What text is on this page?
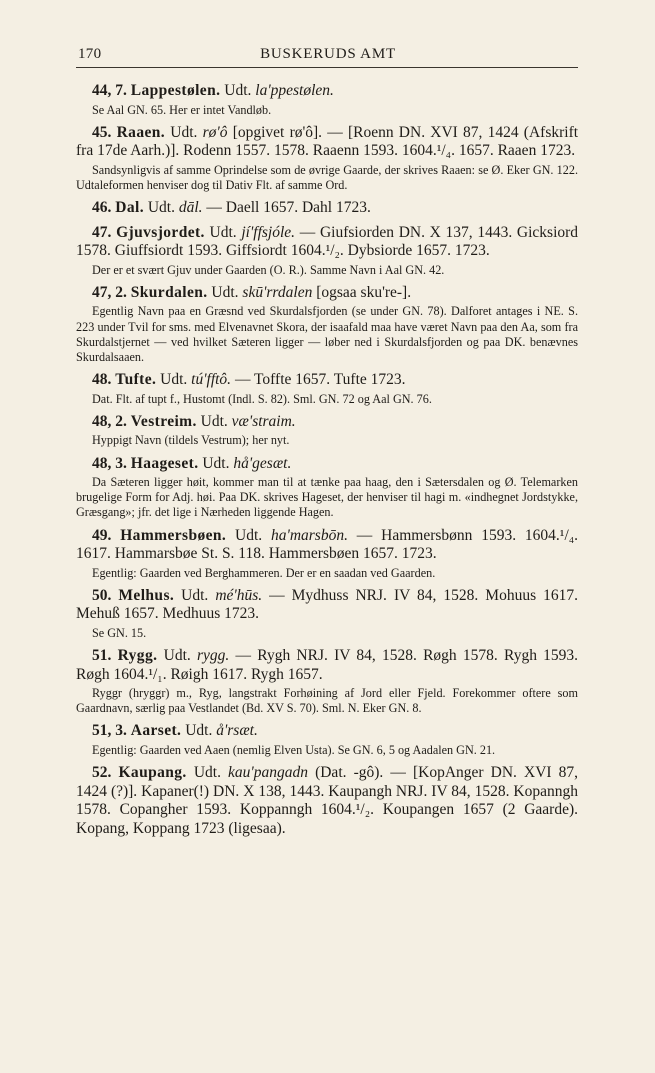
170	BUSKERUDS AMT

44, 7. Lappestølen. Udt. la'ppestølen.

Se Aal GN. 65. Her er intet Vandløb.

45. Raaen. Udt. rø'ô [opgivet rø'ô]. — [Roenn DN. XVI 87, 1424 (Afskrift fra 17de Aarh.)]. Rodenn 1557. 1578. Raaenn 1593. 1604.¹/₄. 1657. Raaen 1723.

Sandsynligvis af samme Oprindelse som de øvrige Gaarde, der skrives Raaen: se Ø. Eker GN. 122. Udtaleformen henviser dog til Dativ Flt. af samme Ord.

46. Dal. Udt. dāl. — Daell 1657. Dahl 1723.

47. Gjuvsjordet. Udt. jí'ffsjóle. — Giufsiorden DN. X 137, 1443. Gicksiord 1578. Giuffsiordt 1593. Giffsiordt 1604.¹/₂. Dybsiorde 1657. 1723.

Der er et svært Gjuv under Gaarden (O. R.). Samme Navn i Aal GN. 42.

47, 2. Skurdalen. Udt. skū'rrdalen [ogsaa sku're-].

Egentlig Navn paa en Græsnd ved Skurdalsfjorden (se under GN. 78). Dalforet antages i NE. S. 223 under Tvil for sms. med Elvenavnet Skora, der isaafald maa have været Navn paa den Aa, som fra Skurdalstjernet — ved hvilket Sæteren ligger — løber ned i Skurdalsfjorden og paa DK. benævnes Skurdalsaaen.

48. Tufte. Udt. tú'fftô. — Toffte 1657. Tufte 1723.

Dat. Flt. af tupt f., Hustomt (Indl. S. 82). Sml. GN. 72 og Aal GN. 76.

48, 2. Vestreim. Udt. væ'straim.

Hyppigt Navn (tildels Vestrum); her nyt.

48, 3. Haageset. Udt. hå'gesæt.

Da Sæteren ligger høit, kommer man til at tænke paa haag, den i Sætersdalen og Ø. Telemarken brugelige Form for Adj. høi. Paa DK. skrives Hageset, der henviser til hagi m. «indhegnet Jordstykke, Græsgang»; jfr. det lige i Nærheden liggende Hagen.

49. Hammersbøen. Udt. ha'marsbōn. — Hammersbønn 1593. 1604.¹/₄. 1617. Hammarsbøe St. S. 118. Hammersbøen 1657. 1723.

Egentlig: Gaarden ved Berghammeren. Der er en saadan ved Gaarden.

50. Melhus. Udt. mé'hūs. — Mydhuss NRJ. IV 84, 1528. Mohuus 1617. Mehuß 1657. Medhuus 1723.

Se GN. 15.

51. Rygg. Udt. rygg. — Rygh NRJ. IV 84, 1528. Røgh 1578. Rygh 1593. Røgh 1604.¹/₁. Røigh 1617. Rygh 1657.

Ryggr (hryggr) m., Ryg, langstrakt Forhøining af Jord eller Fjeld. Forekommer oftere som Gaardnavn, særlig paa Vestlandet (Bd. XV S. 70). Sml. N. Eker GN. 8.

51, 3. Aarset. Udt. å'rsæt.

Egentlig: Gaarden ved Aaen (nemlig Elven Usta). Se GN. 6, 5 og Aadalen GN. 21.

52. Kaupang. Udt. kau'pangadn (Dat. -gô). — [KopAnger DN. XVI 87, 1424 (?)]. Kapaner(!) DN. X 138, 1443. Kaupangh NRJ. IV 84, 1528. Kopanngh 1578. Copangher 1593. Koppanngh 1604.¹/₂. Koupangen 1657 (2 Gaarde). Kopang, Koppang 1723 (ligesaa).
